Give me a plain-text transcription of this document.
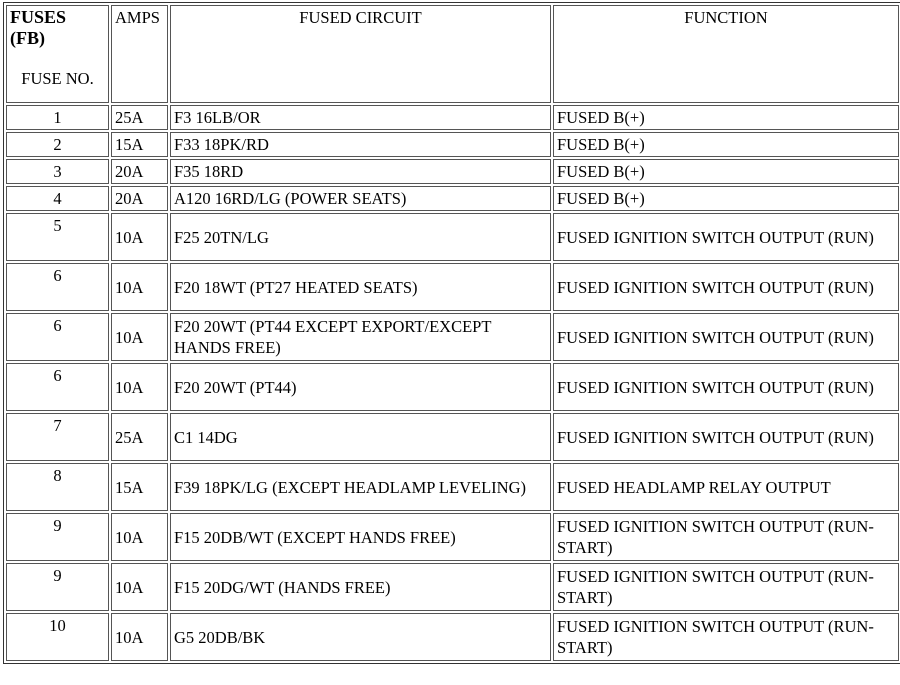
FUSES
(FB)
FUSE NO.	AMPS	FUSED CIRCUIT	FUNCTION
1	25A	F3 16LB/OR	FUSED B(+)
2	15A	F33 18PK/RD	FUSED B(+)
3	20A	F35 18RD	FUSED B(+)
4	20A	A120 16RD/LG (POWER SEATS)	FUSED B(+)
5	10A	F25 20TN/LG	FUSED IGNITION SWITCH OUTPUT (RUN)
6	10A	F20 18WT (PT27 HEATED SEATS)	FUSED IGNITION SWITCH OUTPUT (RUN)
6	10A	F20 20WT (PT44 EXCEPT EXPORT/EXCEPT HANDS FREE)	FUSED IGNITION SWITCH OUTPUT (RUN)
6	10A	F20 20WT (PT44)	FUSED IGNITION SWITCH OUTPUT (RUN)
7	25A	C1 14DG	FUSED IGNITION SWITCH OUTPUT (RUN)
8	15A	F39 18PK/LG (EXCEPT HEADLAMP LEVELING)	FUSED HEADLAMP RELAY OUTPUT
9	10A	F15 20DB/WT (EXCEPT HANDS FREE)	FUSED IGNITION SWITCH OUTPUT (RUN-START)
9	10A	F15 20DG/WT (HANDS FREE)	FUSED IGNITION SWITCH OUTPUT (RUN-START)
10	10A	G5 20DB/BK	FUSED IGNITION SWITCH OUTPUT (RUN-START)
